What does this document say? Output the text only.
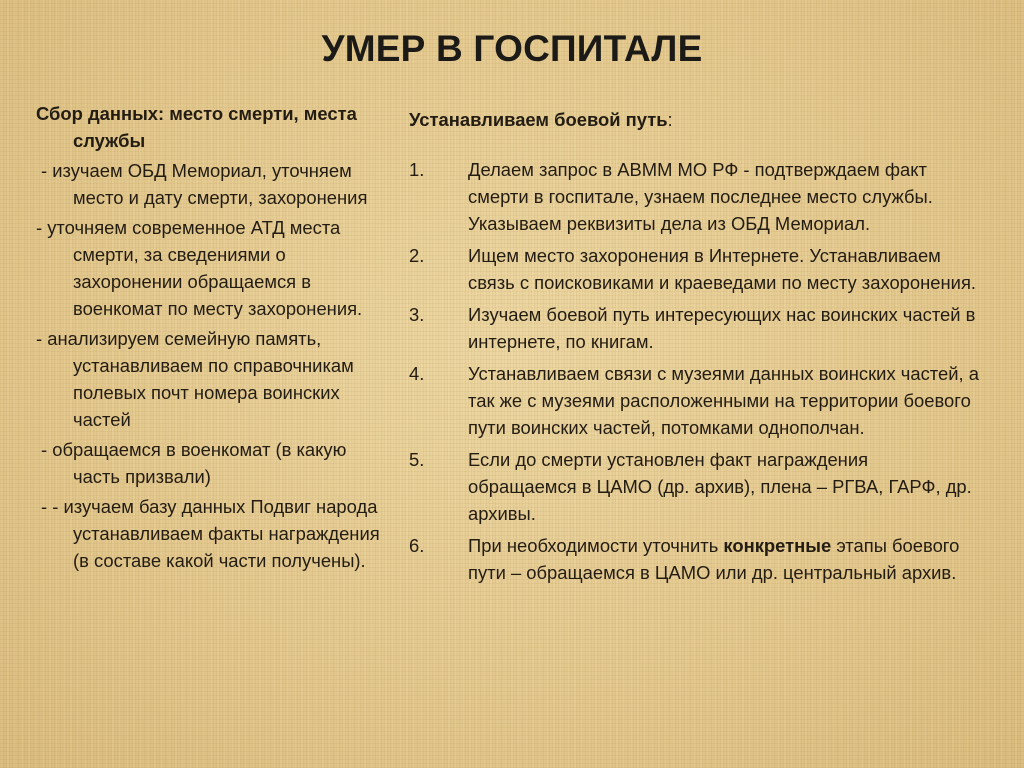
УМЕР В ГОСПИТАЛЕ
Сбор данных: место смерти, места службы
- изучаем ОБД Мемориал, уточняем место и дату смерти, захоронения
- уточняем современное АТД места смерти, за сведениями о захоронении обращаемся в военкомат по месту захоронения.
- анализируем семейную память, устанавливаем по справочникам полевых почт номера воинских частей
- обращаемся в военкомат (в какую часть призвали)
- - изучаем базу данных Подвиг народа устанавливаем факты награждения (в составе какой части получены).
Устанавливаем боевой путь:
1. Делаем запрос в АВММ МО РФ - подтверждаем факт смерти в госпитале, узнаем последнее место службы. Указываем реквизиты дела из ОБД Мемориал.
2. Ищем место захоронения в Интернете. Устанавливаем связь с поисковиками и краеведами по месту захоронения.
3. Изучаем боевой путь интересующих нас воинских частей в интернете, по книгам.
4. Устанавливаем связи с музеями данных воинских частей, а так же с музеями расположенными на территории боевого пути воинских частей, потомками однополчан.
5. Если до смерти установлен факт награждения обращаемся в ЦАМО (др. архив), плена – РГВА, ГАРФ, др. архивы.
6. При необходимости уточнить конкретные этапы боевого пути – обращаемся в ЦАМО или др. центральный архив.
